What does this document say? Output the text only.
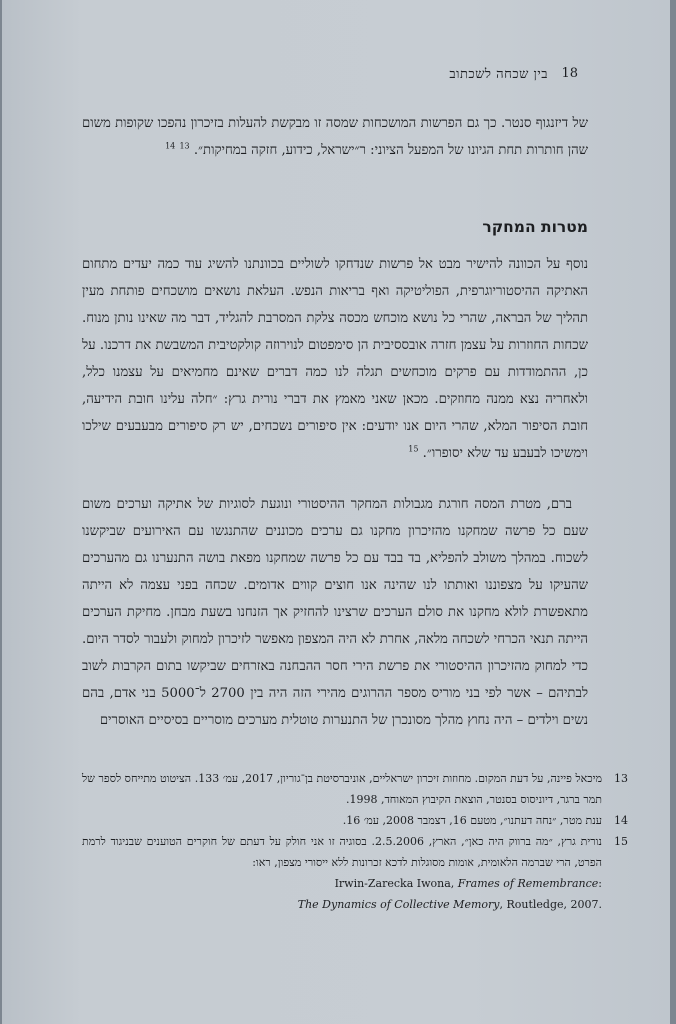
בין שכחה לשכתוב 18
של דיזנגוף סנטר. כך גם הפרשות המושכחות שמסה זו מבקשת להעלות בזיכרון נהפכו שקופות משום שהן חותרות תחת הגיונו של המפעל הציוני: ר״ישראל, כידוע, חזקה במחיקות״. $^{13}$ $^{14}$
מטרות המחקר
נוסף על הכוונה להישיר מבט אל פרשות שנדחקו לשוליים בכוונתנו להשיג עוד כמה יעדים מתחום האתיקה ההיסטוריוגרפית, הפוליטיקה ואף בריאות הנפש. העלאת נושאים מושכחים פותחת מעין תהליך של הבראה, שהרי כל נושא מוכחש מכסה צלקת המסרבת להגליד, דבר מה שאינו נותן מנוח. שכחות החוזרות על עצמן חזרה אובססיבית הן סימפטום לנוירוזה קולקטיבית המשבשת את דרכנו. על כן, ההתמודדות עם פרקים מוכחשים תגלה לנו כמה דברים שאינם מחמיאים על עצמנו כלל, ולאחריה נצא ממנה מחוזקים. מכאן שאני מאמץ את דברי נורית גרץ: ״חלה עלינו חובת הידיעה, חובת הסיפור המלא, שהרי היום אנו יודעים: אין סיפורים נשכחים, יש רק סיפורים מבעבעים שילכו וימשיכו לבעבע עד שלא יסופרו״. $^{15}$
ברם, מטרת המסה חורגת מגבולות המחקר ההיסטורי ונוגעת לסוגיות של אתיקה וערכים משום שעם כל פרשה שמחקנו מהזיכרון מחקנו גם ערכים מכוננים שהתנגשו עם האירועים שביקשנו לשכוח. במהלך משולב להפליא, בד בבד עם כל פרשה שמחקנו מפאת בושה התנערנו גם מהערכים שהעיקו על מצפוננו ואותתו לנו שהינה אנו חוצים קווים אדומים. שכחה בפני עצמה לא הייתה מתאפשרת לולא מחקנו את סולם הערכים שרצינו להחזיק אך הזנחנו בשעת מבחן. מחיקת הערכים הייתה תנאי הכרחי לשכחה מלאה, אחרת לא היה המצפון מאפשר לזיכרון למחוק ולעבור לסדר היום. כדי למחוק מהזיכרון ההיסטורי את פרשת הירי חסר ההבחנה באזרחים שביקשו בתום הקרבות לשוב לבתיהם – אשר לפי בני מוריס מספר ההרוגים מהירי הזה היה בין 2700 ל־5000 בני אדם, בהם נשים וילדים – היה נחוץ מהלך מסונכרן של התנערות טוטלית מערכים מוסריים בסיסיים האוסרים
13
מיכאל פיינה, על דעת המקום. מחוזות זיכרון ישראליים, אוניברסיטת בן־גוריון, 2017, עמ׳ 133. הציטוט מתייחס לספר של תמר ברגר, דיוניסוס בסנטר, הוצאת הקיבוץ המאוחד, 1998.
14
ענת מטר, ״נחה דעתנו״, מטעם 16, דצמבר 2008, עמ׳ 16.
15
נורית גרץ, ״מה ברווק היה כאן״, הארץ, 2.5.2006. בסוגיה זו אני חולק על דעתם של חוקרים הטוענים שבניגוד לרמת הפרט, הרי שברמה הלאומית, אומות מסוגלות לדכא זכרונות ללא ייסורי מצפון, ראו:
Irwin-Zarecka Iwona, Frames of Remembrance:
The Dynamics of Collective Memory, Routledge, 2007.
